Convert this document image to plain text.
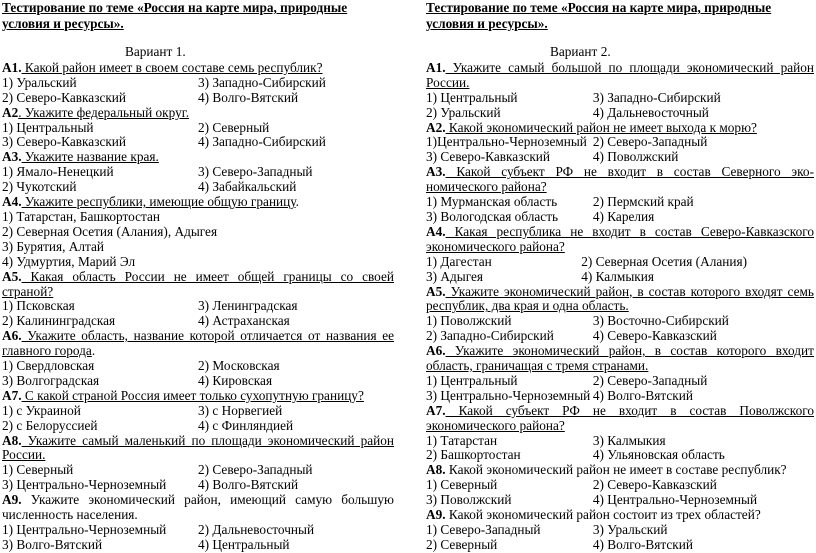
Тестирование по теме «Россия на карте мира, природные условия и ресурсы».

Вариант 1.
А1. Какой район имеет в своем составе семь республик?
1) Уральский	3) Западно-Сибирский
2) Северо-Кавказский	4) Волго-Вятский
А2. Укажите федеральный округ.
1) Центральный	2) Северный
3) Северо-Кавказский	4) Западно-Сибирский
А3. Укажите название края.
1) Ямало-Ненецкий	3) Северо-Западный
2) Чукотский	4) Забайкальский
А4. Укажите республики, имеющие общую границу.
1) Татарстан, Башкортостан
2) Северная Осетия (Алания), Адыгея
3) Бурятия, Алтай
4) Удмуртия, Марий Эл
А5. Какая область России не имеет общей границы со своей страной?
1) Псковская	3) Ленинградская
2) Калининградская	4) Астраханская
А6. Укажите область, название которой отличается от названия ее главного города.
1) Свердловская	2) Московская
3) Волгоградская	4) Кировская
А7. С какой страной Россия имеет только сухопутную границу?
1) с Украиной	3) с Норвегией
2) с Белоруссией	4) с Финляндией
А8. Укажите самый маленький по площади экономический район России.
1) Северный	2) Северо-Западный
3) Центрально-Черноземный	4) Волго-Вятский
А9. Укажите экономический район, имеющий самую большую численность населения.
1) Центрально-Черноземный	2) Дальневосточный
3) Волго-Вятский	4) Центральный

Тестирование по теме «Россия на карте мира, природные условия и ресурсы».

Вариант 2.
А1. Укажите самый большой по площади экономический район России.
1) Центральный	3) Западно-Сибирский
2) Уральский	4) Дальневосточный
А2. Какой экономический район не имеет выхода к морю?
1)Центрально-Черноземный 2) Северо-Западный
3) Северо-Кавказский	4) Поволжский
А3. Какой субъект РФ не входит в состав Северного эко-номического района?
1) Мурманская область	2) Пермский край
3) Вологодская область	4) Карелия
А4. Какая республика не входит в состав Северо-Кавказского экономического района?
1) Дагестан	2) Северная Осетия (Алания)
3) Адыгея	4) Калмыкия
А5. Укажите экономический район, в состав которого входят семь республик, два края и одна область.
1) Поволжский	3) Восточно-Сибирский
2) Западно-Сибирский	4) Северо-Кавказский
А6. Укажите экономический район, в состав которого входит область, граничащая с тремя странами.
1) Центральный	2) Северо-Западный
3) Центрально-Черноземный 4) Волго-Вятский
А7. Какой субъект РФ не входит в состав Поволжского экономического района?
1) Татарстан	3) Калмыкия
2) Башкортостан	4) Ульяновская область
А8. Какой экономический район не имеет в составе республик?
1) Северный	2) Северо-Кавказский
3) Поволжский	4) Центрально-Черноземный
А9. Какой экономический район состоит из трех областей?
1) Северо-Западный	3) Уральский
2) Северный	4) Волго-Вятский
